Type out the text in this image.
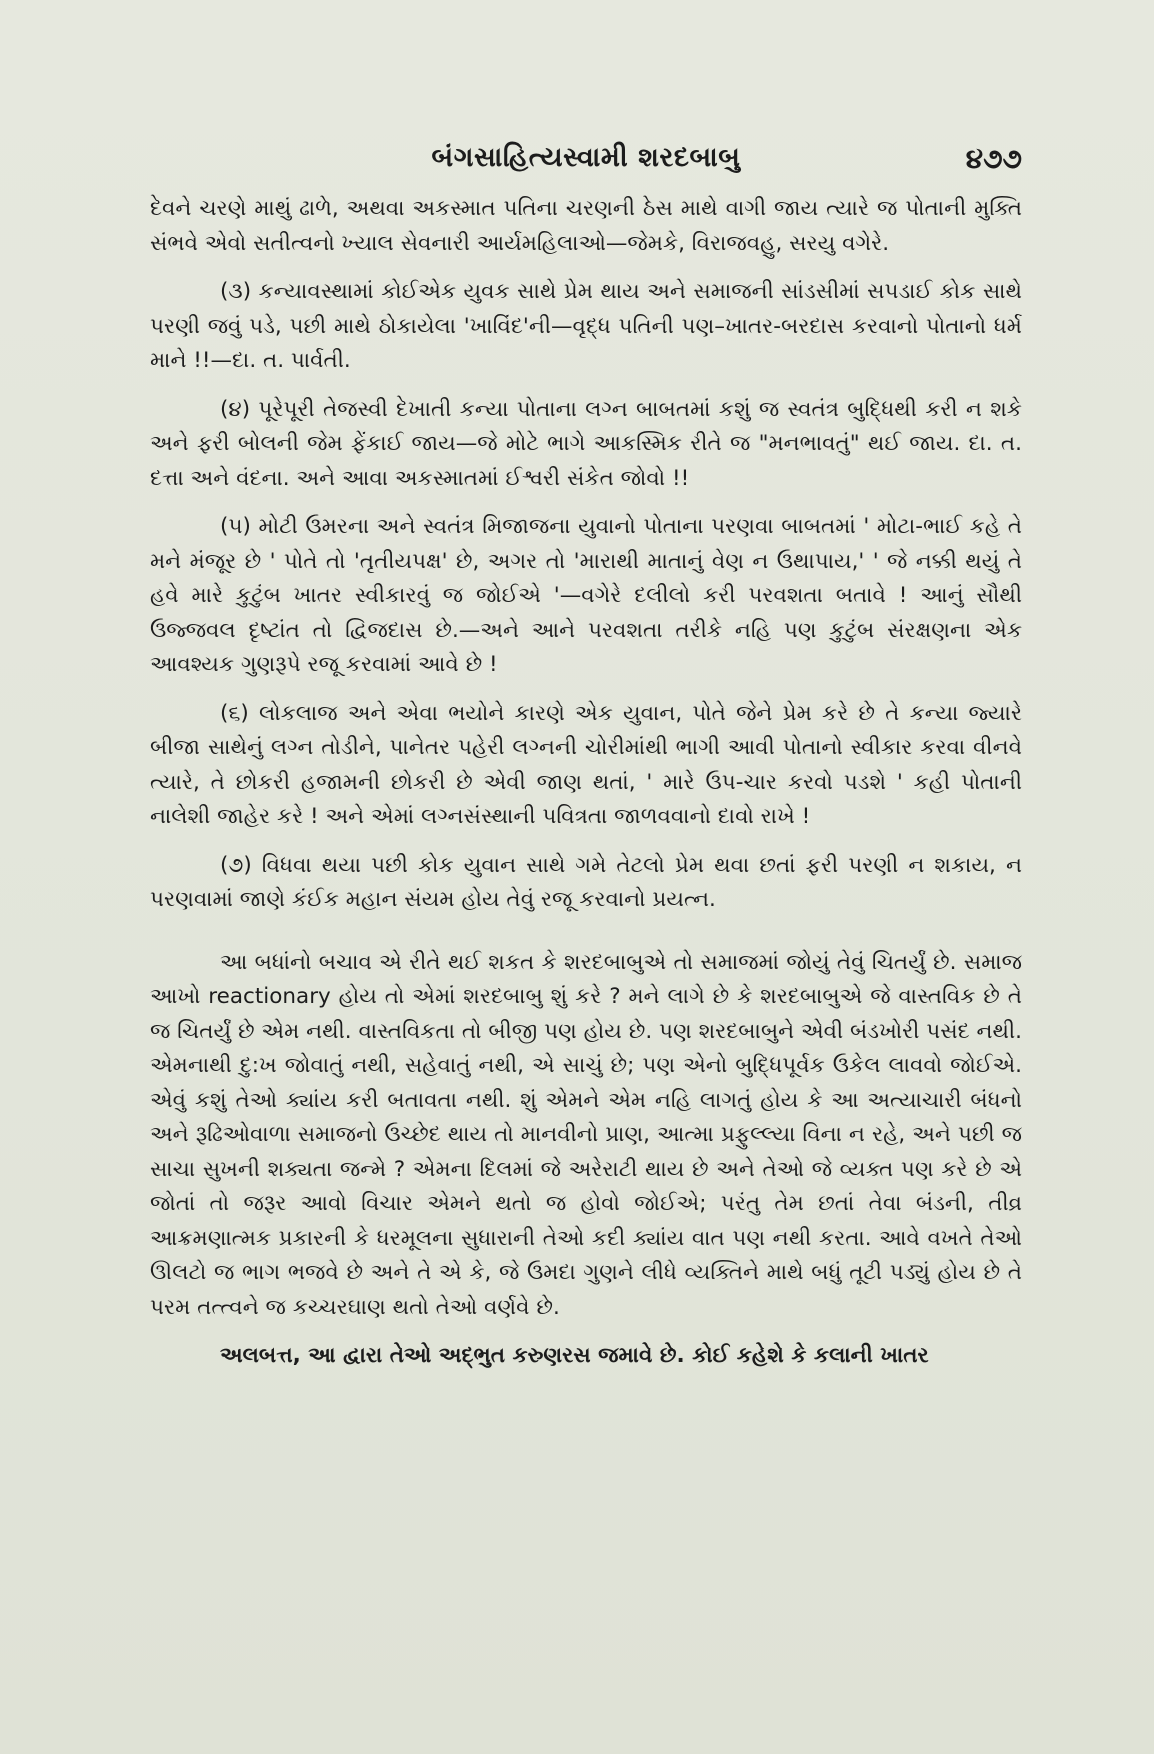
બંગસાહિત્યસ્વામી શરદબાબુ	૪૭૭

દેવને ચરણે માથું ઢાળે, અથવા અકસ્માત પતિના ચરણની ઠેસ માથે વાગી જાય ત્યારે જ પોતાની મુક્તિ સંભવે એવો સતીત્વનો ખ્યાલ સેવનારી આર્યમહિલાઓ—જેમકે, વિરાજવહુ, સરયુ વગેરે.

(૩) કન્યાવસ્થામાં કોઈએક યુવક સાથે પ્રેમ થાય અને સમાજની સાંડસીમાં સપડાઈ કોક સાથે પરણી જવું પડે, પછી માથે ઠોકાયેલા 'ખાવિંદ'ની—વૃદ્ધ પતિની પણ–ખાતર-બરદાસ કરવાનો પોતાનો ધર્મ માને !!—દા. ત. પાર્વતી.

(૪) પૂરેપૂરી તેજસ્વી દેખાતી કન્યા પોતાના લગ્ન બાબતમાં કશું જ સ્વતંત્ર બુદ્ધિથી કરી ન શકે અને ફરી બોલની જેમ ફેંકાઈ જાય—જે મોટે ભાગે આકસ્મિક રીતે જ "મનભાવતું" થઈ જાય. દા. ત. દત્તા અને વંદના. અને આવા અકસ્માતમાં ઈશ્વરી સંકેત જોવો !!

(૫) મોટી ઉમરના અને સ્વતંત્ર મિજાજના યુવાનો પોતાના પરણવા બાબતમાં ' મોટા-ભાઈ કહે તે મને મંજૂર છે ' પોતે તો 'તૃતીયપક્ષ' છે, અગર તો 'મારાથી માતાનું વેણ ન ઉથાપાય,' ' જે નક્કી થયું તે હવે મારે કુટુંબ ખાતર સ્વીકારવું જ જોઈએ '—વગેરે દલીલો કરી પરવશતા બતાવે ! આનું સૌથી ઉજ્જવલ દૃષ્ટાંત તો દ્વિજદાસ છે.—અને આને પરવશતા તરીકે નહિ પણ કુટુંબ સંરક્ષણના એક આવશ્યક ગુણરૂપે રજૂ કરવામાં આવે છે !

(૬) લોકલાજ અને એવા ભયોને કારણે એક યુવાન, પોતે જેને પ્રેમ કરે છે તે કન્યા જ્યારે બીજા સાથેનું લગ્ન તોડીને, પાનેતર પહેરી લગ્નની ચોરીમાંથી ભાગી આવી પોતાનો સ્વીકાર કરવા વીનવે ત્યારે, તે છોકરી હજામની છોકરી છે એવી જાણ થતાં, ' મારે ઉપ-ચાર કરવો પડશે ' કહી પોતાની નાલેશી જાહેર કરે ! અને એમાં લગ્નસંસ્થાની પવિત્રતા જાળવવાનો દાવો રાખે !

(૭) વિધવા થયા પછી કોક યુવાન સાથે ગમે તેટલો પ્રેમ થવા છતાં ફરી પરણી ન શકાય, ન પરણવામાં જાણે કંઈક મહાન સંયમ હોય તેવું રજૂ કરવાનો પ્રયત્ન.

આ બધાંનો બચાવ એ રીતે થઈ શકત કે શરદબાબુએ તો સમાજમાં જોયું તેવું ચિતર્યું છે. સમાજ આખો reactionary હોય તો એમાં શરદબાબુ શું કરે ? મને લાગે છે કે શરદબાબુએ જે વાસ્તવિક છે તે જ ચિતર્યું છે એમ નથી. વાસ્તવિકતા તો બીજી પણ હોય છે. પણ શરદબાબુને એવી બંડખોરી પસંદ નથી. એમનાથી દુ:ખ જોવાતું નથી, સહેવાતું નથી, એ સાચું છે; પણ એનો બુદ્ધિપૂર્વક ઉકેલ લાવવો જોઈએ. એવું કશું તેઓ ક્યાંય કરી બતાવતા નથી. શું એમને એમ નહિ લાગતું હોય કે આ અત્યાચારી બંધનો અને રૂઢિઓવાળા સમાજનો ઉચ્છેદ થાય તો માનવીનો પ્રાણ, આત્મા પ્રફુલ્લ્યા વિના ન રહે, અને પછી જ સાચા સુખની શક્યતા જન્મે ? એમના દિલમાં જે અરેરાટી થાય છે અને તેઓ જે વ્યક્ત પણ કરે છે એ જોતાં તો જરૂર આવો વિચાર એમને થતો જ હોવો જોઈએ; પરંતુ તેમ છતાં તેવા બંડની, તીવ્ર આક્રમણાત્મક પ્રકારની કે ધરમૂલના સુધારાની તેઓ કદી ક્યાંય વાત પણ નથી કરતા. આવે વખતે તેઓ ઊલટો જ ભાગ ભજવે છે અને તે એ કે, જે ઉમદા ગુણને લીધે વ્યક્તિને માથે બધું તૂટી પડ્યું હોય છે તે પરમ તત્ત્વને જ કચ્ચરઘાણ થતો તેઓ વર્ણવે છે.

અલબત્ત, આ દ્વારા તેઓ અદ્ભુત કરુણરસ જમાવે છે. કોઈ કહેશે કે કલાની ખાતર
